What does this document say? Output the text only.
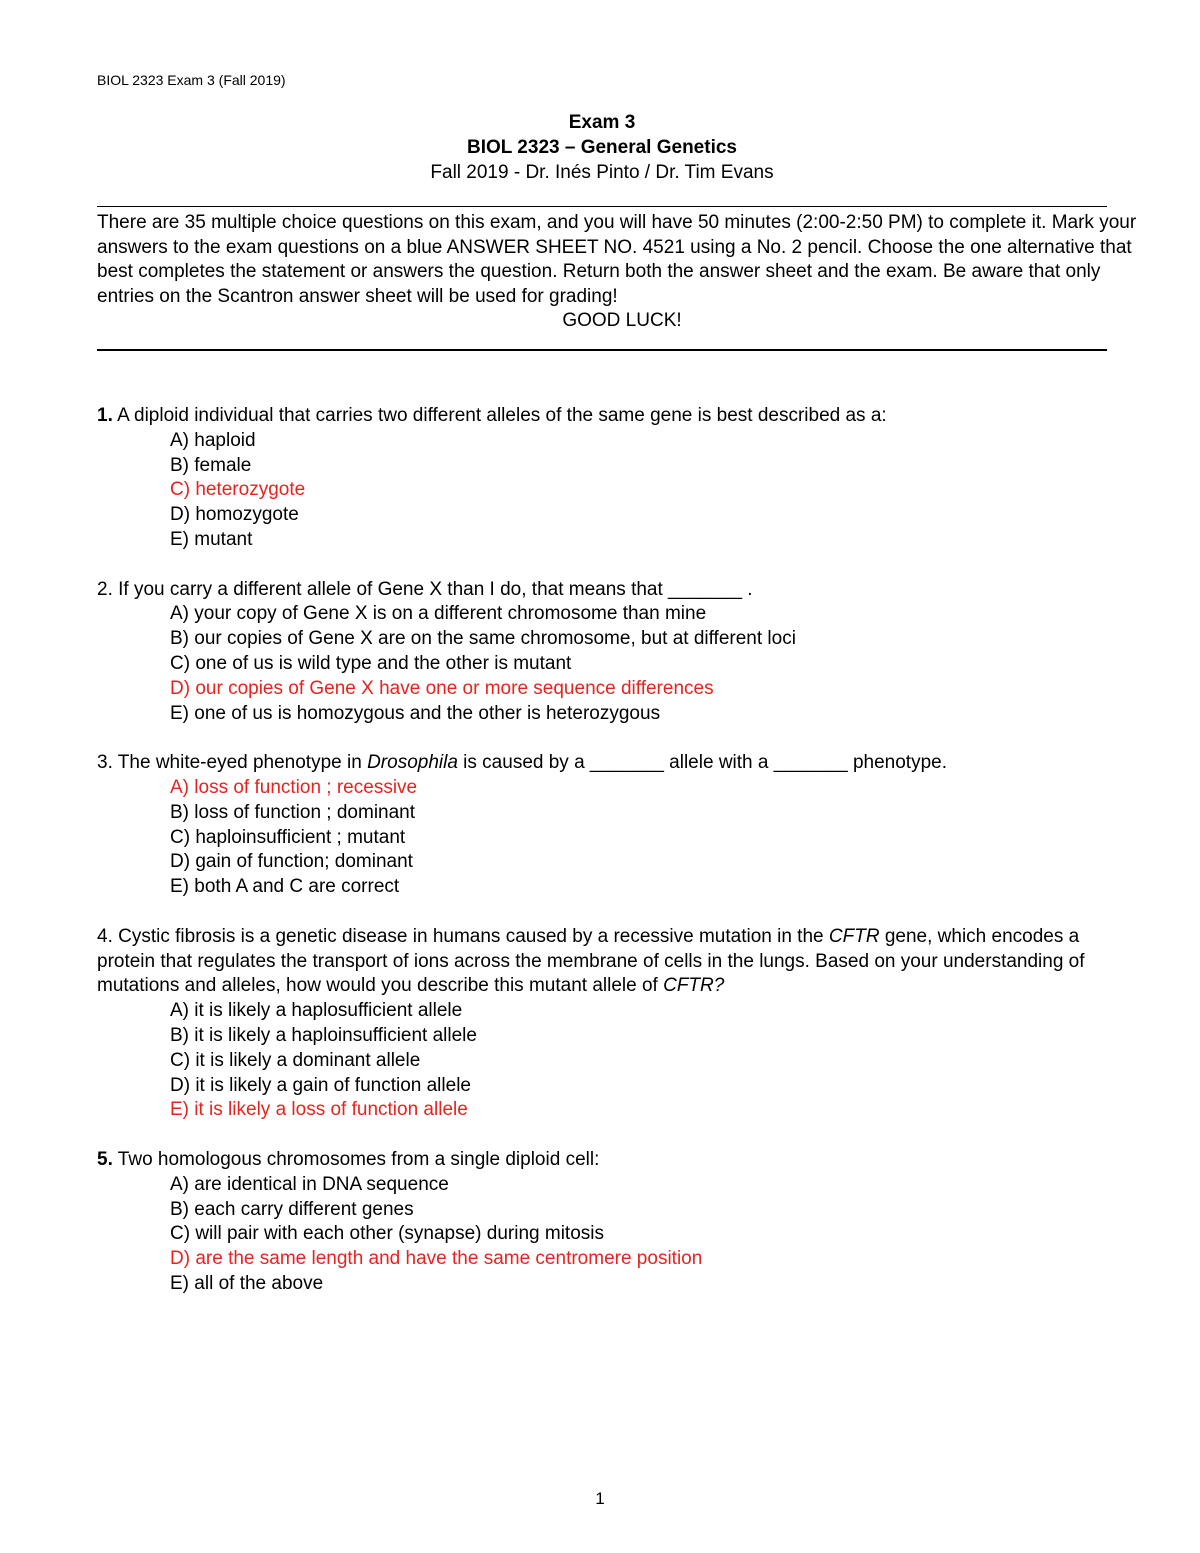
BIOL 2323 Exam 3 (Fall 2019)
Exam 3
BIOL 2323 – General Genetics
Fall 2019 - Dr. Inés Pinto / Dr. Tim Evans

There are 35 multiple choice questions on this exam, and you will have 50 minutes (2:00-2:50 PM) to complete it. Mark your answers to the exam questions on a blue ANSWER SHEET NO. 4521 using a No. 2 pencil. Choose the one alternative that best completes the statement or answers the question. Return both the answer sheet and the exam. Be aware that only entries on the Scantron answer sheet will be used for grading!

GOOD LUCK!

1. A diploid individual that carries two different alleles of the same gene is best described as a:

A) haploid
B) female
C) heterozygote
D) homozygote
E) mutant

2. If you carry a different allele of Gene X than I do, that means that _______ .

A) your copy of Gene X is on a different chromosome than mine
B) our copies of Gene X are on the same chromosome, but at different loci
C) one of us is wild type and the other is mutant
D) our copies of Gene X have one or more sequence differences
E) one of us is homozygous and the other is heterozygous

3. The white-eyed phenotype in Drosophila is caused by a _______ allele with a _______ phenotype.

A) loss of function ; recessive
B) loss of function ; dominant
C) haploinsufficient ; mutant
D) gain of function; dominant
E) both A and C are correct

4. Cystic fibrosis is a genetic disease in humans caused by a recessive mutation in the CFTR gene, which encodes a protein that regulates the transport of ions across the membrane of cells in the lungs. Based on your understanding of mutations and alleles, how would you describe this mutant allele of CFTR?

A) it is likely a haplosufficient allele
B) it is likely a haploinsufficient allele
C) it is likely a dominant allele
D) it is likely a gain of function allele
E) it is likely a loss of function allele

5. Two homologous chromosomes from a single diploid cell:

A) are identical in DNA sequence
B) each carry different genes
C) will pair with each other (synapse) during mitosis
D) are the same length and have the same centromere position
E) all of the above
1
